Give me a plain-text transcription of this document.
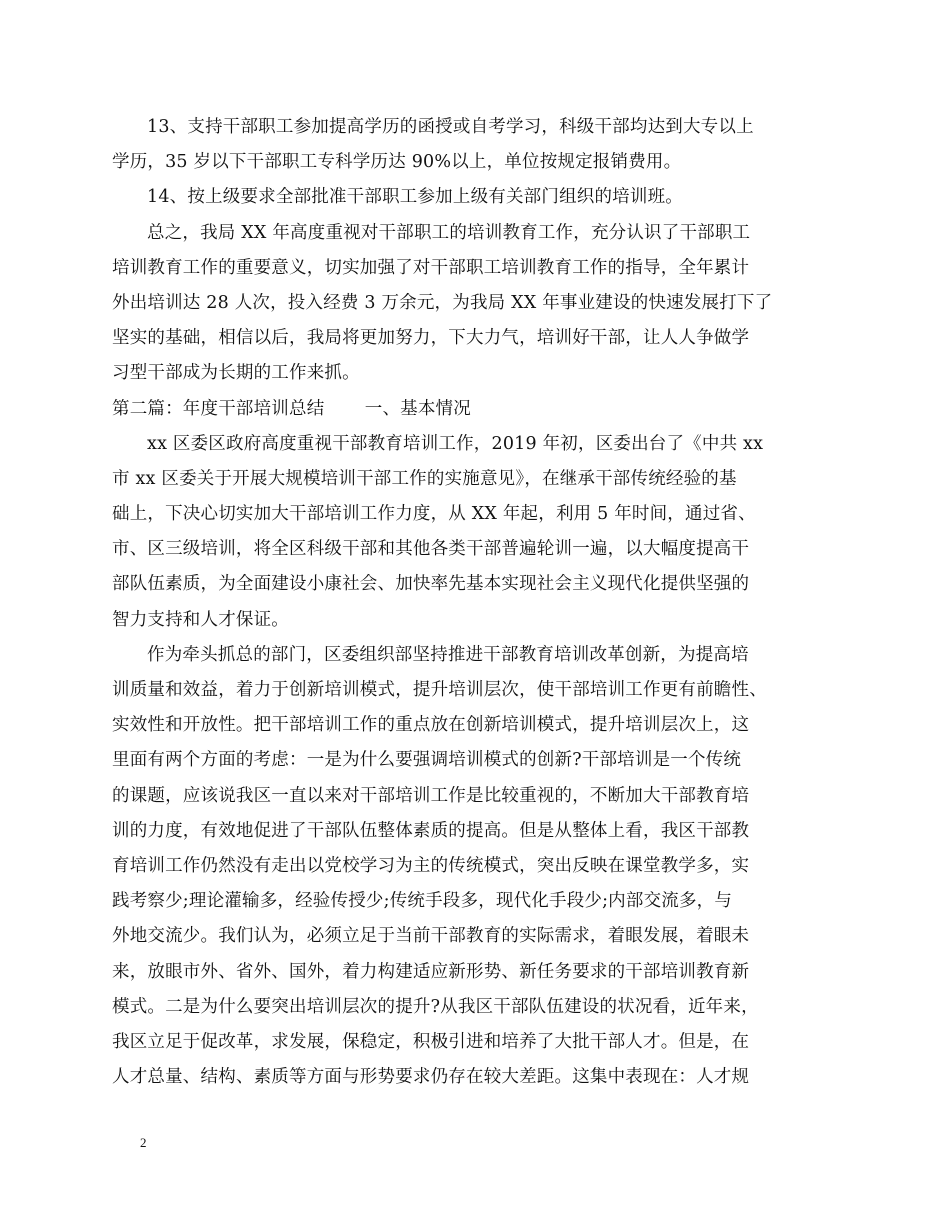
13、支持干部职工参加提高学历的函授或自考学习，科级干部均达到大专以上
学历，35 岁以下干部职工专科学历达 90%以上，单位按规定报销费用。
14、按上级要求全部批准干部职工参加上级有关部门组织的培训班。
总之，我局 XX 年高度重视对干部职工的培训教育工作，充分认识了干部职工
培训教育工作的重要意义，切实加强了对干部职工培训教育工作的指导，全年累计
外出培训达 28 人次，投入经费 3 万余元，为我局 XX 年事业建设的快速发展打下了
坚实的基础，相信以后，我局将更加努力，下大力气，培训好干部，让人人争做学
习型干部成为长期的工作来抓。
第二篇：年度干部培训总结       一、基本情况
xx 区委区政府高度重视干部教育培训工作，2019 年初，区委出台了《中共 xx
市 xx 区委关于开展大规模培训干部工作的实施意见》，在继承干部传统经验的基
础上，下决心切实加大干部培训工作力度，从 XX 年起，利用 5 年时间，通过省、
市、区三级培训，将全区科级干部和其他各类干部普遍轮训一遍，以大幅度提高干
部队伍素质，为全面建设小康社会、加快率先基本实现社会主义现代化提供坚强的
智力支持和人才保证。
作为牵头抓总的部门，区委组织部坚持推进干部教育培训改革创新，为提高培
训质量和效益，着力于创新培训模式，提升培训层次，使干部培训工作更有前瞻性、
实效性和开放性。把干部培训工作的重点放在创新培训模式，提升培训层次上，这
里面有两个方面的考虑：一是为什么要强调培训模式的创新?干部培训是一个传统
的课题，应该说我区一直以来对干部培训工作是比较重视的，不断加大干部教育培
训的力度，有效地促进了干部队伍整体素质的提高。但是从整体上看，我区干部教
育培训工作仍然没有走出以党校学习为主的传统模式，突出反映在课堂教学多，实
践考察少;理论灌输多，经验传授少;传统手段多，现代化手段少;内部交流多，与
外地交流少。我们认为，必须立足于当前干部教育的实际需求，着眼发展，着眼未
来，放眼市外、省外、国外，着力构建适应新形势、新任务要求的干部培训教育新
模式。二是为什么要突出培训层次的提升?从我区干部队伍建设的状况看，近年来，
我区立足于促改革，求发展，保稳定，积极引进和培养了大批干部人才。但是，在
人才总量、结构、素质等方面与形势要求仍存在较大差距。这集中表现在：人才规
2
